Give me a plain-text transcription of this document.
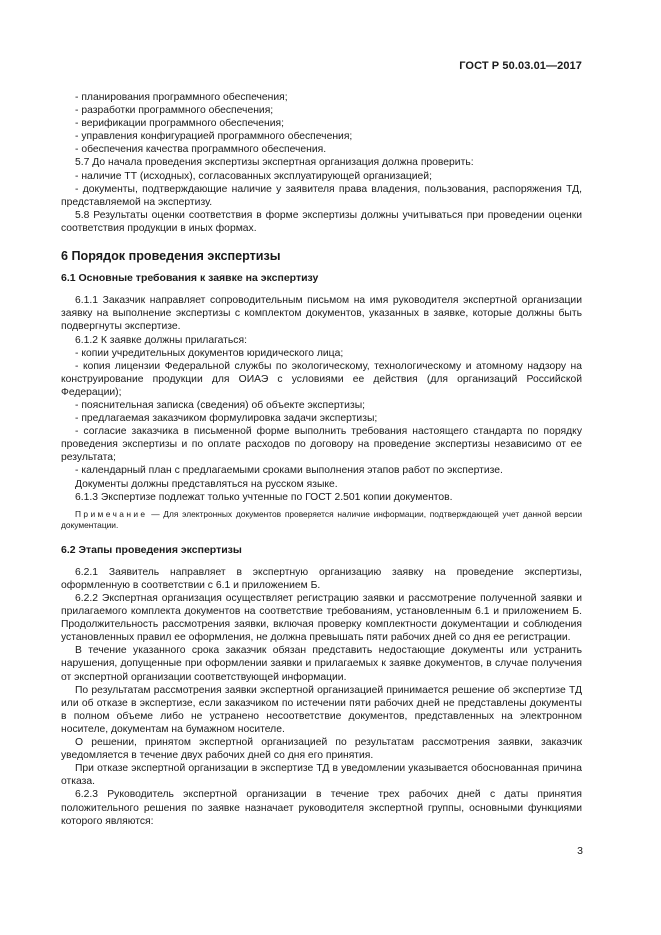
ГОСТ Р 50.03.01—2017
- планирования программного обеспечения;
- разработки программного обеспечения;
- верификации программного обеспечения;
- управления конфигурацией программного обеспечения;
- обеспечения качества программного обеспечения.
5.7 До начала проведения экспертизы экспертная организация должна проверить:
- наличие ТТ (исходных), согласованных эксплуатирующей организацией;
- документы, подтверждающие наличие у заявителя права владения, пользования, распоряжения ТД, представляемой на экспертизу.
5.8 Результаты оценки соответствия в форме экспертизы должны учитываться при проведении оценки соответствия продукции в иных формах.
6 Порядок проведения экспертизы
6.1 Основные требования к заявке на экспертизу
6.1.1 Заказчик направляет сопроводительным письмом на имя руководителя экспертной организации заявку на выполнение экспертизы с комплектом документов, указанных в заявке, которые должны быть подвергнуты экспертизе.
6.1.2 К заявке должны прилагаться:
- копии учредительных документов юридического лица;
- копия лицензии Федеральной службы по экологическому, технологическому и атомному надзору на конструирование продукции для ОИАЭ с условиями ее действия (для организаций Российской Федерации);
- пояснительная записка (сведения) об объекте экспертизы;
- предлагаемая заказчиком формулировка задачи экспертизы;
- согласие заказчика в письменной форме выполнить требования настоящего стандарта по порядку проведения экспертизы и по оплате расходов по договору на проведение экспертизы независимо от ее результата;
- календарный план с предлагаемыми сроками выполнения этапов работ по экспертизе.
Документы должны представляться на русском языке.
6.1.3 Экспертизе подлежат только учтенные по ГОСТ 2.501 копии документов.
Примечание — Для электронных документов проверяется наличие информации, подтверждающей учет данной версии документации.
6.2 Этапы проведения экспертизы
6.2.1 Заявитель направляет в экспертную организацию заявку на проведение экспертизы, оформленную в соответствии с 6.1 и приложением Б.
6.2.2 Экспертная организация осуществляет регистрацию заявки и рассмотрение полученной заявки и прилагаемого комплекта документов на соответствие требованиям, установленным 6.1 и приложением Б. Продолжительность рассмотрения заявки, включая проверку комплектности документации и соблюдения установленных правил ее оформления, не должна превышать пяти рабочих дней со дня ее регистрации.
В течение указанного срока заказчик обязан представить недостающие документы или устранить нарушения, допущенные при оформлении заявки и прилагаемых к заявке документов, в случае получения от экспертной организации соответствующей информации.
По результатам рассмотрения заявки экспертной организацией принимается решение об экспертизе ТД или об отказе в экспертизе, если заказчиком по истечении пяти рабочих дней не представлены документы в полном объеме либо не устранено несоответствие документов, представленных на электронном носителе, документам на бумажном носителе.
О решении, принятом экспертной организацией по результатам рассмотрения заявки, заказчик уведомляется в течение двух рабочих дней со дня его принятия.
При отказе экспертной организации в экспертизе ТД в уведомлении указывается обоснованная причина отказа.
6.2.3 Руководитель экспертной организации в течение трех рабочих дней с даты принятия положительного решения по заявке назначает руководителя экспертной группы, основными функциями которого являются:
3
